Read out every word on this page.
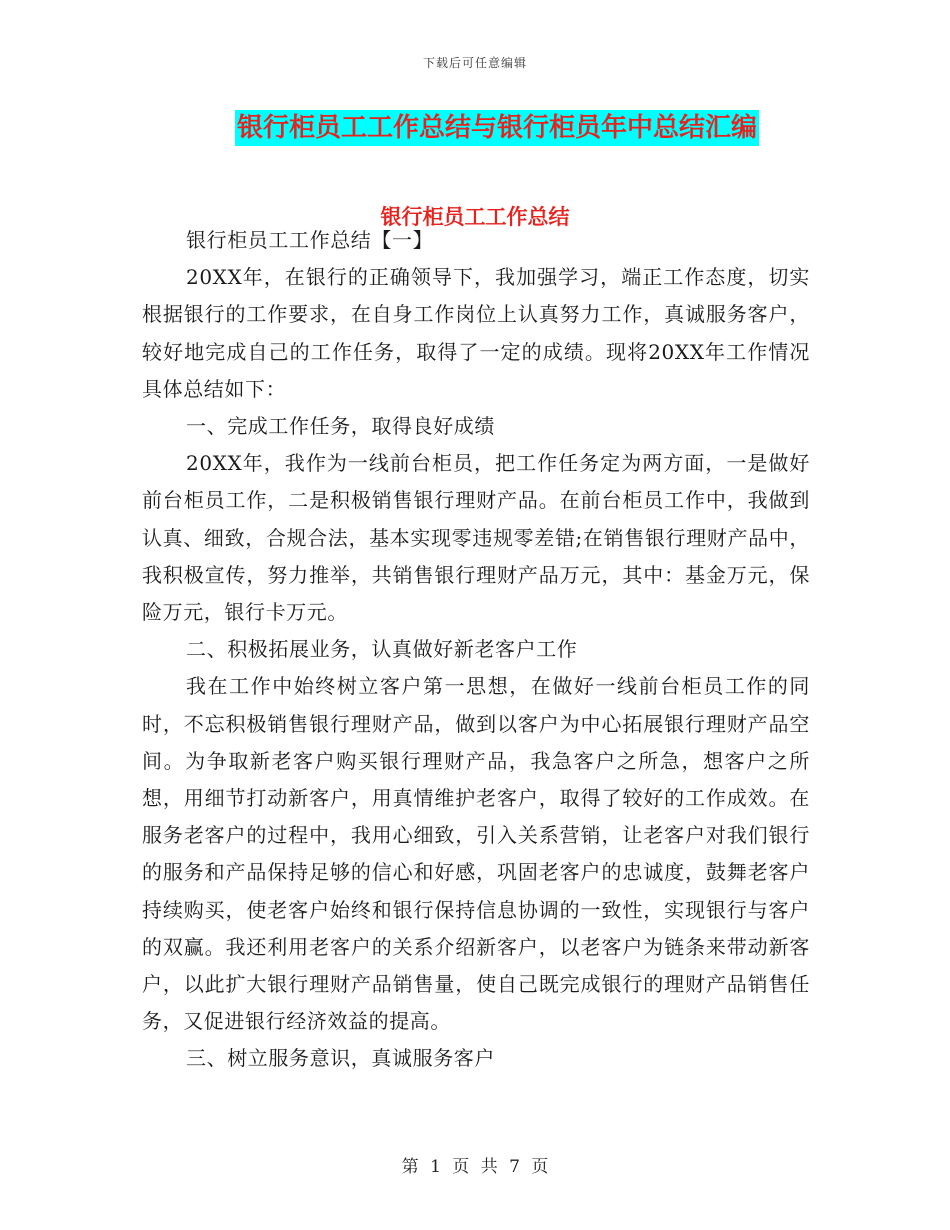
下载后可任意编辑
银行柜员工工作总结与银行柜员年中总结汇编
银行柜员工工作总结

银行柜员工工作总结【一】

20XX年，在银行的正确领导下，我加强学习，端正工作态度，切实根据银行的工作要求，在自身工作岗位上认真努力工作，真诚服务客户，较好地完成自己的工作任务，取得了一定的成绩。现将20XX年工作情况具体总结如下：

一、完成工作任务，取得良好成绩

20XX年，我作为一线前台柜员，把工作任务定为两方面，一是做好前台柜员工作，二是积极销售银行理财产品。在前台柜员工作中，我做到认真、细致，合规合法，基本实现零违规零差错;在销售银行理财产品中，我积极宣传，努力推举，共销售银行理财产品万元，其中：基金万元，保险万元，银行卡万元。

二、积极拓展业务，认真做好新老客户工作

我在工作中始终树立客户第一思想，在做好一线前台柜员工作的同时，不忘积极销售银行理财产品，做到以客户为中心拓展银行理财产品空间。为争取新老客户购买银行理财产品，我急客户之所急，想客户之所想，用细节打动新客户，用真情维护老客户，取得了较好的工作成效。在服务老客户的过程中，我用心细致，引入关系营销，让老客户对我们银行的服务和产品保持足够的信心和好感，巩固老客户的忠诚度，鼓舞老客户持续购买，使老客户始终和银行保持信息协调的一致性，实现银行与客户的双赢。我还利用老客户的关系介绍新客户，以老客户为链条来带动新客户，以此扩大银行理财产品销售量，使自己既完成银行的理财产品销售任务，又促进银行经济效益的提高。

三、树立服务意识，真诚服务客户

第 1 页 共 7 页
